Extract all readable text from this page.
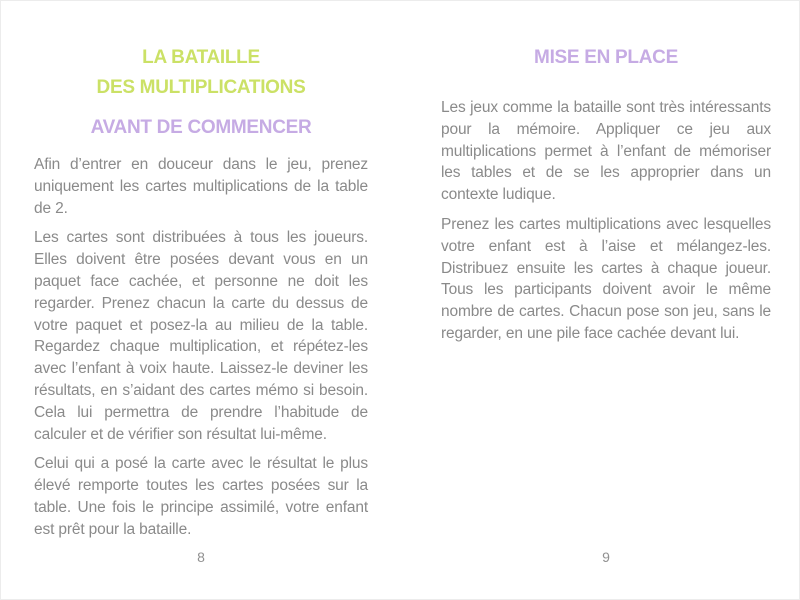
LA BATAILLE
DES MULTIPLICATIONS
AVANT DE COMMENCER

Afin d’entrer en douceur dans le jeu, prenez uniquement les cartes multiplications de la table de 2.

Les cartes sont distribuées à tous les joueurs. Elles doivent être posées devant vous en un paquet face cachée, et personne ne doit les regarder. Prenez chacun la carte du dessus de votre paquet et posez-la au milieu de la table. Regardez chaque multiplication, et répétez-les avec l’enfant à voix haute. Laissez-le deviner les résultats, en s’aidant des cartes mémo si besoin. Cela lui permettra de prendre l’habitude de calculer et de vérifier son résultat lui-même.

Celui qui a posé la carte avec le résultat le plus élevé remporte toutes les cartes posées sur la table. Une fois le principe assimilé, votre enfant est prêt pour la bataille.

8
MISE EN PLACE

Les jeux comme la bataille sont très intéressants pour la mémoire. Appliquer ce jeu aux multiplications permet à l’enfant de mémoriser les tables et de se les approprier dans un contexte ludique.

Prenez les cartes multiplications avec lesquelles votre enfant est à l’aise et mélangez-les. Distribuez ensuite les cartes à chaque joueur. Tous les participants doivent avoir le même nombre de cartes. Chacun pose son jeu, sans le regarder, en une pile face cachée devant lui.

9
